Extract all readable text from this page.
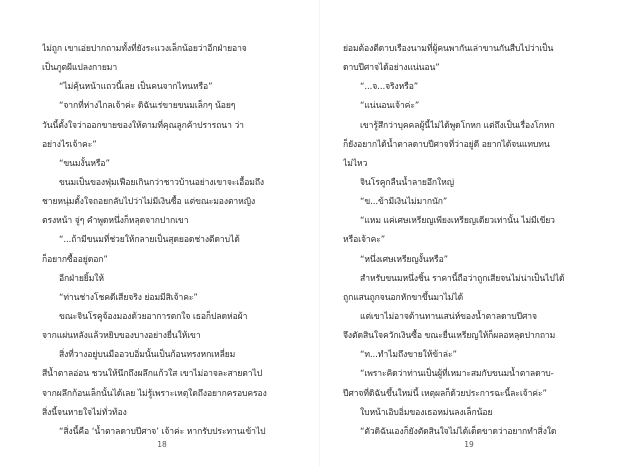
ไม่ถูก เขาเอ่ยปากถามทั้งที่ยังระแวงเล็กน้อยว่าอีกฝ่ายอาจ
เป็นภูตผีแปลงกายมา
“ไม่คุ้นหน้าแถวนี้เลย เป็นคนจากไหนหรือ”
“จากที่ห่างไกลเจ้าค่ะ ดิฉันเร่ขายขนมเล็กๆ น้อยๆ
วันนี้ตั้งใจว่าออกขายของให้ตามที่คุณลูกค้าปรารถนา ว่า
อย่างไรเจ้าคะ”
“ขนมงั้นหรือ”
ขนมเป็นของฟุ่มเฟือยเกินกว่าชาวบ้านอย่างเขาจะเอื้อมถึง
ชายหนุ่มตั้งใจถอยกลับไปว่าไม่มีเงินซื้อ แต่ขณะมองตาหญิง
ตรงหน้า จู่ๆ คำพูดหนึ่งก็หลุดจากปากเขา
“...ถ้ามีขนมที่ช่วยให้กลายเป็นสุดยอดช่างตีดาบได้
ก็อยากซื้ออยู่ดอก”
อีกฝ่ายยิ้มให้
“ท่านช่างโชคดีเสียจริง ย่อมมีสิเจ้าคะ”
ขณะจินโรคูจ้องมองด้วยอาการตกใจ เธอก็ปลดห่อผ้า
จากแผ่นหลังแล้วหยิบของบางอย่างยื่นให้เขา
สิ่งที่วางอยู่บนมืออวบอิ่มนั้นเป็นก้อนทรงหกเหลี่ยม
สีน้ำตาลอ่อน ชวนให้นึกถึงผลึกแก้วใส เขาไม่อาจละสายตาไป
จากผลึกก้อนเล็กนั้นได้เลย ไม่รู้เพราะเหตุใดถึงอยากครอบครอง
สิ่งนี้จนหายใจไม่ทั่วท้อง
“สิ่งนี้คือ ‘น้ำตาลดาบปีศาจ’ เจ้าค่ะ หากรับประทานเข้าไป
ย่อมต้องตีดาบเรืองนามที่ผู้คนพากันเล่าขานกันสืบไปว่าเป็น
ดาบปีศาจได้อย่างแน่นอน”
“...จ...จริงหรือ”
“แน่นอนเจ้าค่ะ”
เขารู้สึกว่าบุคคลผู้นี้ไม่ได้พูดโกหก แต่ถึงเป็นเรื่องโกหก
ก็ยังอยากได้น้ำตาลดาบปีศาจที่ว่าอยู่ดี อยากได้จนแทบทน
ไม่ไหว
จินโรคูกลืนน้ำลายอึกใหญ่
“ข...ข้ามีเงินไม่มากนัก”
“แหม แค่เศษเหรียญเพียงเหรียญเดียวเท่านั้น ไม่มีเขียว
หรือเจ้าคะ”
“หนึ่งเศษเหรียญงั้นหรือ”
สำหรับขนมหนึ่งชิ้น ราคานี้ถือว่าถูกเสียจนไม่น่าเป็นไปได้
ถูกแสนถูกจนอกหักขาขึ้นมาไม่ได้
แต่เขาไม่อาจต้านทานเสน่ห์ของน้ำตาลดาบปีศาจ
จึงตัดสินใจควักเงินซื้อ ขณะยื่นเหรียญให้ก็ผลอหลุดปากถาม
“ท...ทำไมถึงขายให้ข้าล่ะ”
“เพราะคิดว่าท่านเป็นผู้ที่เหมาะสมกับขนมน้ำตาลดาบ-
ปีศาจที่ดิฉันขึ้นใหม่นี้ เหตุผลก็ด้วยประการฉะนี้ละเจ้าค่ะ”
ใบหน้าเอิบอิ่มของเธอหม่นลงเล็กน้อย
“ตัวดิฉันเองก็ยังตัดสินใจไม่ได้เด็ดขาดว่าอยากทำสิ่งใด
18	19
